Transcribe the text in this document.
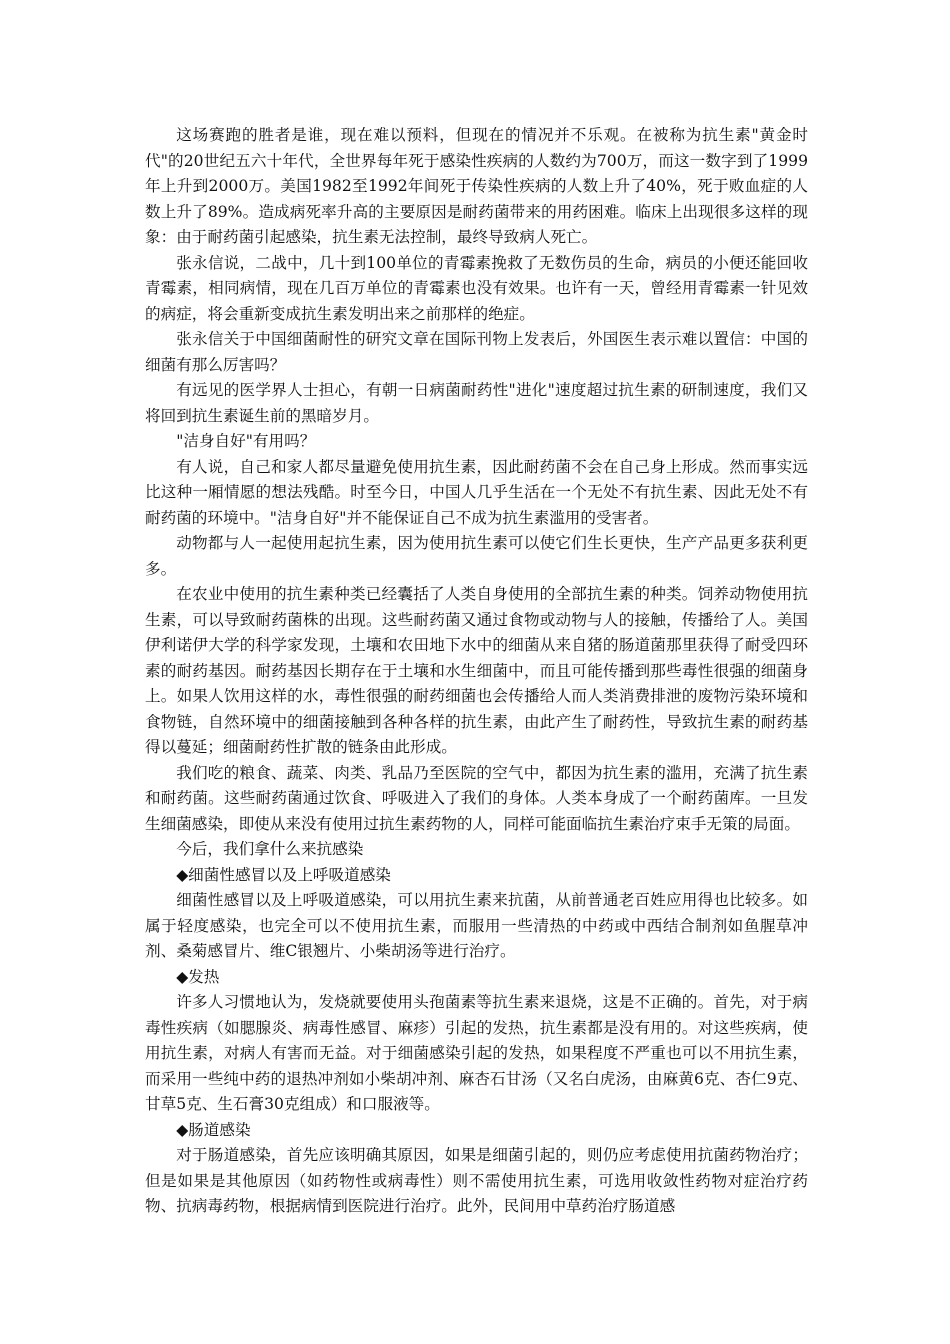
这场赛跑的胜者是谁，现在难以预料，但现在的情况并不乐观。在被称为抗生素"黄金时代"的20世纪五六十年代，全世界每年死于感染性疾病的人数约为700万，而这一数字到了1999年上升到2000万。美国1982至1992年间死于传染性疾病的人数上升了40%，死于败血症的人数上升了89%。造成病死率升高的主要原因是耐药菌带来的用药困难。临床上出现很多这样的现象：由于耐药菌引起感染，抗生素无法控制，最终导致病人死亡。

张永信说，二战中，几十到100单位的青霉素挽救了无数伤员的生命，病员的小便还能回收青霉素，相同病情，现在几百万单位的青霉素也没有效果。也许有一天，曾经用青霉素一针见效的病症，将会重新变成抗生素发明出来之前那样的绝症。

张永信关于中国细菌耐性的研究文章在国际刊物上发表后，外国医生表示难以置信：中国的细菌有那么厉害吗？

有远见的医学界人士担心，有朝一日病菌耐药性"进化"速度超过抗生素的研制速度，我们又将回到抗生素诞生前的黑暗岁月。

"洁身自好"有用吗？

有人说，自己和家人都尽量避免使用抗生素，因此耐药菌不会在自己身上形成。然而事实远比这种一厢情愿的想法残酷。时至今日，中国人几乎生活在一个无处不有抗生素、因此无处不有耐药菌的环境中。"洁身自好"并不能保证自己不成为抗生素滥用的受害者。

动物都与人一起使用起抗生素，因为使用抗生素可以使它们生长更快，生产产品更多获利更多。

在农业中使用的抗生素种类已经囊括了人类自身使用的全部抗生素的种类。饲养动物使用抗生素，可以导致耐药菌株的出现。这些耐药菌又通过食物或动物与人的接触，传播给了人。美国伊利诺伊大学的科学家发现，土壤和农田地下水中的细菌从来自猪的肠道菌那里获得了耐受四环素的耐药基因。耐药基因长期存在于土壤和水生细菌中，而且可能传播到那些毒性很强的细菌身上。如果人饮用这样的水，毒性很强的耐药细菌也会传播给人而人类消费排泄的废物污染环境和食物链，自然环境中的细菌接触到各种各样的抗生素，由此产生了耐药性，导致抗生素的耐药基得以蔓延；细菌耐药性扩散的链条由此形成。

我们吃的粮食、蔬菜、肉类、乳品乃至医院的空气中，都因为抗生素的滥用，充满了抗生素和耐药菌。这些耐药菌通过饮食、呼吸进入了我们的身体。人类本身成了一个耐药菌库。一旦发生细菌感染，即使从来没有使用过抗生素药物的人，同样可能面临抗生素治疗束手无策的局面。

今后，我们拿什么来抗感染

◆细菌性感冒以及上呼吸道感染

细菌性感冒以及上呼吸道感染，可以用抗生素来抗菌，从前普通老百姓应用得也比较多。如属于轻度感染，也完全可以不使用抗生素，而服用一些清热的中药或中西结合制剂如鱼腥草冲剂、桑菊感冒片、维C银翘片、小柴胡汤等进行治疗。

◆发热

许多人习惯地认为，发烧就要使用头孢菌素等抗生素来退烧，这是不正确的。首先，对于病毒性疾病（如腮腺炎、病毒性感冒、麻疹）引起的发热，抗生素都是没有用的。对这些疾病，使用抗生素，对病人有害而无益。对于细菌感染引起的发热，如果程度不严重也可以不用抗生素，而采用一些纯中药的退热冲剂如小柴胡冲剂、麻杏石甘汤（又名白虎汤，由麻黄6克、杏仁9克、甘草5克、生石膏30克组成）和口服液等。

◆肠道感染

对于肠道感染，首先应该明确其原因，如果是细菌引起的，则仍应考虑使用抗菌药物治疗；但是如果是其他原因（如药物性或病毒性）则不需使用抗生素，可选用收敛性药物对症治疗药物、抗病毒药物，根据病情到医院进行治疗。此外，民间用中草药治疗肠道感
